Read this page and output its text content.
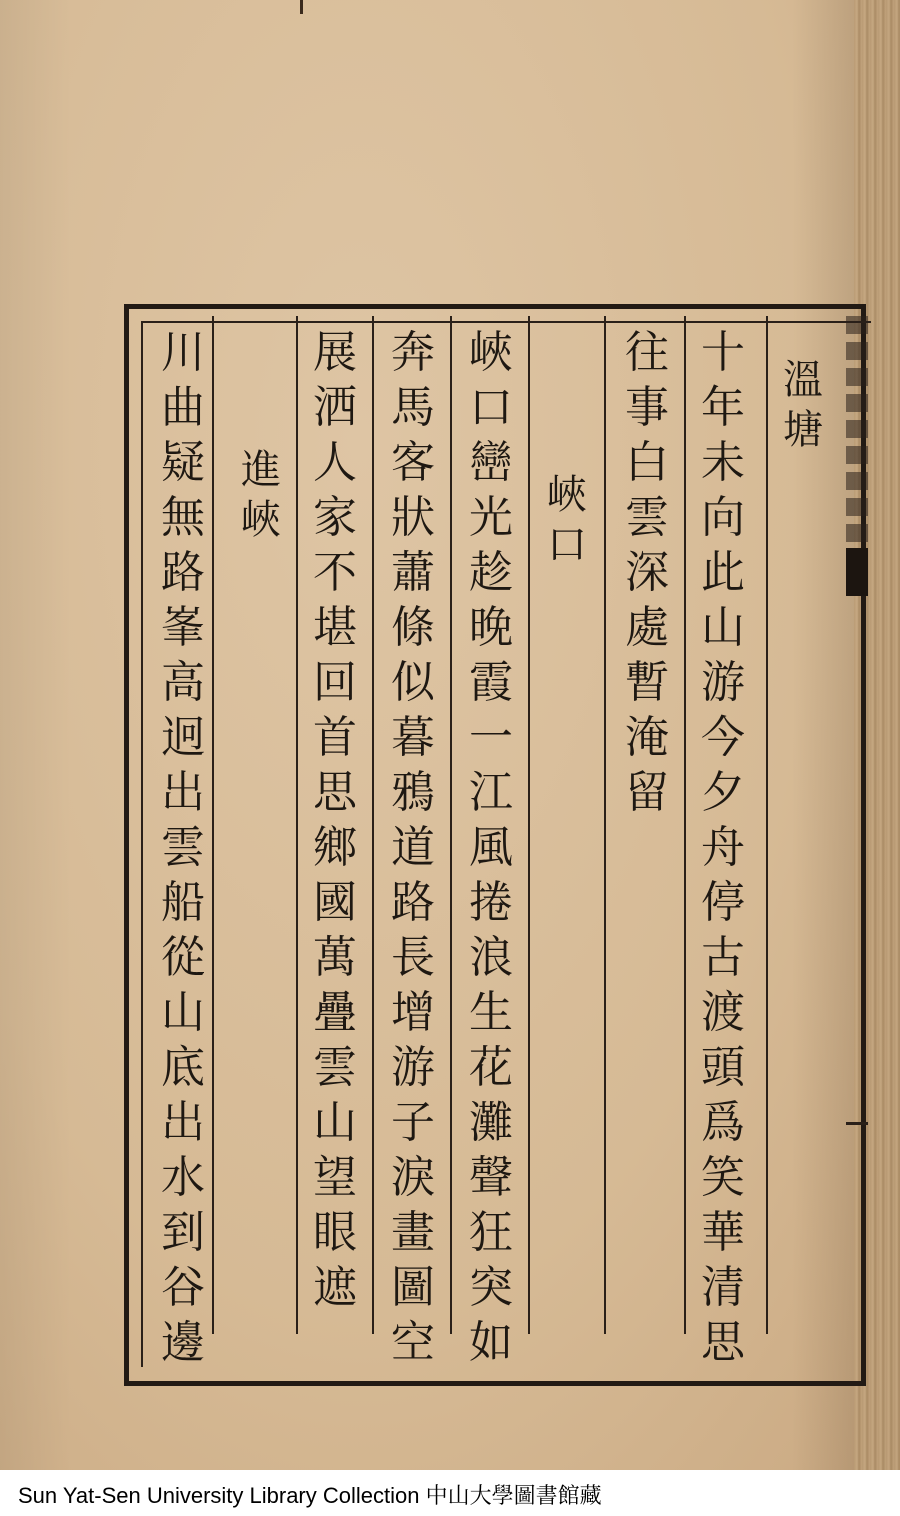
溫
塘
十
年
未
向
此
山
游
今
夕
舟
停
古
渡
頭
爲
笑
華
清
思
往
事
白
雲
深
處
暫
淹
留
峽
口
峽
口
巒
光
趁
晚
霞
一
江
風
捲
浪
生
花
灘
聲
狂
突
如
奔
馬
客
狀
蕭
條
似
暮
鴉
道
路
長
增
游
子
淚
畫
圖
空
展
洒
人
家
不
堪
回
首
思
鄉
國
萬
疊
雲
山
望
眼
遮
進
峽
川
曲
疑
無
路
峯
高
迥
出
雲
船
從
山
底
出
水
到
谷
邊
Sun Yat-Sen University Library Collection 中山大學圖書館藏
